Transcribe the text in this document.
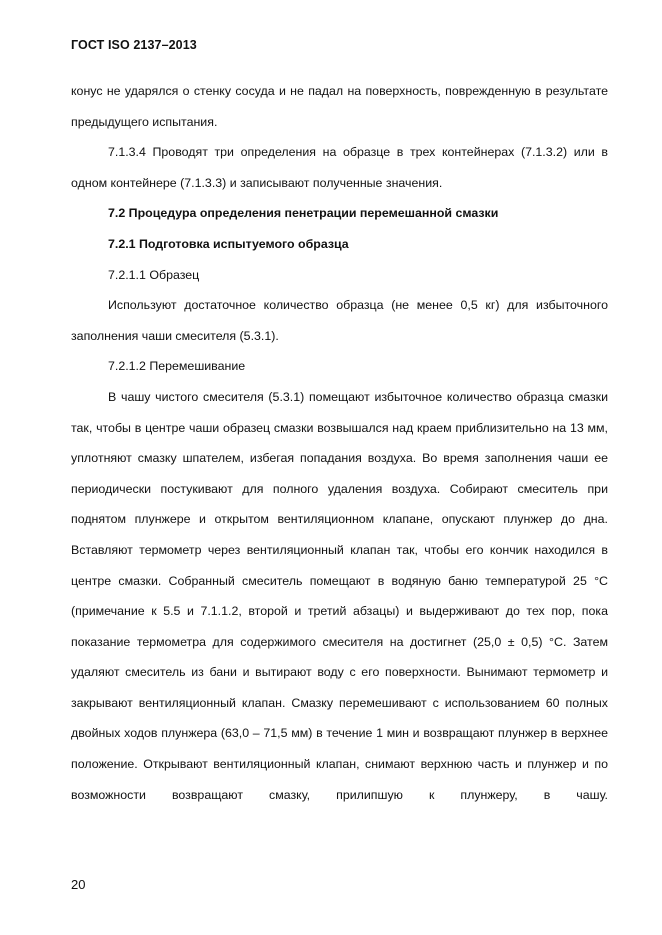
ГОСТ ISO 2137–2013

конус не ударялся о стенку сосуда и не падал на поверхность, поврежденную в результате предыдущего испытания.

7.1.3.4 Проводят три определения на образце в трех контейнерах (7.1.3.2) или в одном контейнере (7.1.3.3) и записывают полученные значения.

7.2 Процедура определения пенетрации перемешанной смазки

7.2.1 Подготовка испытуемого образца

7.2.1.1 Образец

Используют достаточное количество образца (не менее 0,5 кг) для избыточного заполнения чаши смесителя (5.3.1).

7.2.1.2 Перемешивание

В чашу чистого смесителя (5.3.1) помещают избыточное количество образца смазки так, чтобы в центре чаши образец смазки возвышался над краем приблизительно на 13 мм, уплотняют смазку шпателем, избегая попадания воздуха. Во время заполнения чаши ее периодически постукивают для полного удаления воздуха. Собирают смеситель при поднятом плунжере и открытом вентиляционном клапане, опускают плунжер до дна. Вставляют термометр через вентиляционный клапан так, чтобы его кончик находился в центре смазки. Собранный смеситель помещают в водяную баню температурой 25 °С (примечание к 5.5 и 7.1.1.2, второй и третий абзацы) и выдерживают до тех пор, пока показание термометра для содержимого смесителя на достигнет (25,0 ± 0,5) °С. Затем удаляют смеситель из бани и вытирают воду с его поверхности. Вынимают термометр и закрывают вентиляционный клапан. Смазку перемешивают с использованием 60 полных двойных ходов плунжера (63,0 – 71,5 мм) в течение 1 мин и возвращают плунжер в верхнее положение. Открывают вентиляционный клапан, снимают верхнюю часть и плунжер и по возможности возвращают смазку, прилипшую к плунжеру, в чашу.

20
